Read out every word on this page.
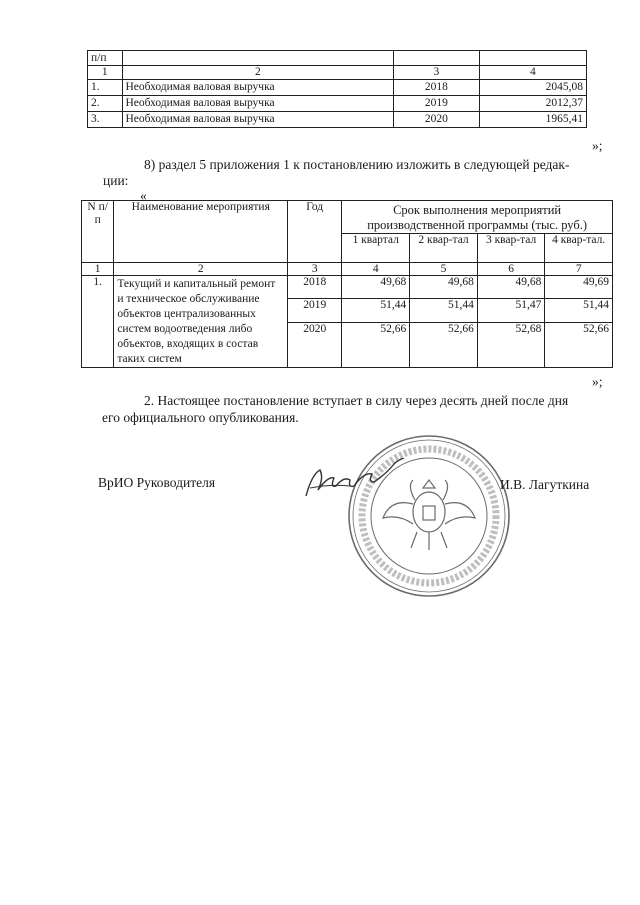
п/п			
1	2	3	4
1.	Необходимая валовая выручка	2018	2045,08
2.	Необходимая валовая выручка	2019	2012,37
3.	Необходимая валовая выручка	2020	1965,41
»;
8) раздел 5 приложения 1 к постановлению изложить в следующей редак-
ции:
«
N п/п	Наименование мероприятия	Год	Срок выполнения мероприятий производственной программы (тыс. руб.)			
			1 квартал	2 квар-тал	3 квар-тал	4 квар-тал.
1	2	3	4	5	6	7
1.	Текущий и капитальный ремонт и техническое обслуживание объектов централизованных систем водоотведения либо объектов, входящих в состав таких систем	2018	49,68	49,68	49,68	49,69
		2019	51,44	51,44	51,47	51,44
		2020	52,66	52,66	52,68	52,66
»;
2. Настоящее постановление вступает в силу через десять дней после дня
его официального опубликования.
ВрИО Руководителя	И.В. Лагуткина
